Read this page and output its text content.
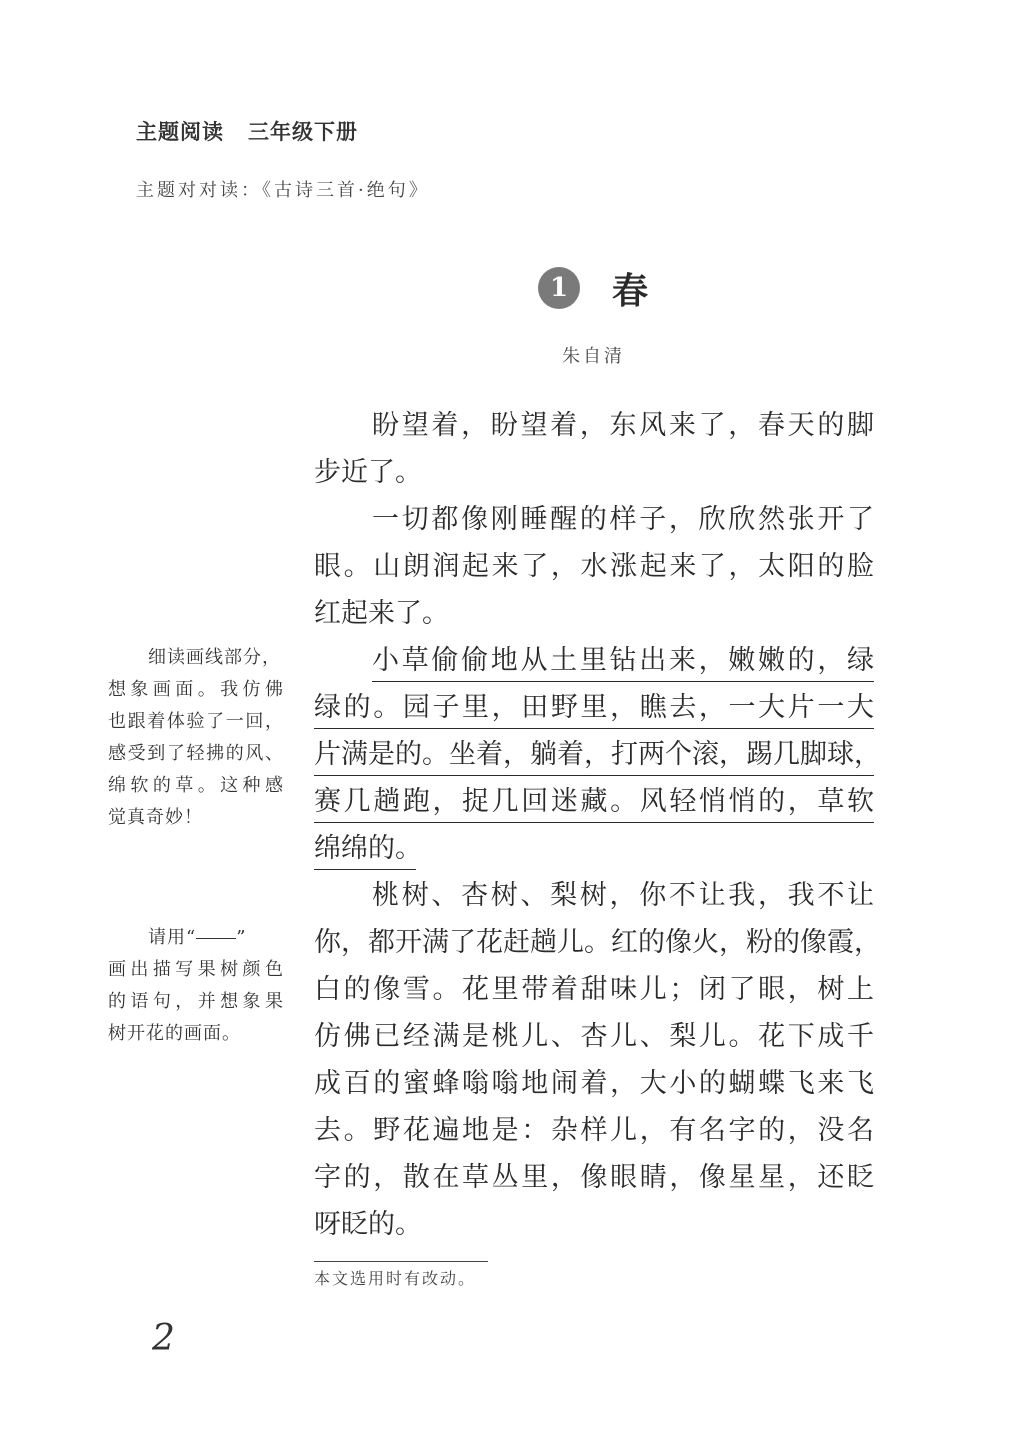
主题阅读 三年级下册
主题对对读：《古诗三首·绝句》
1	春
朱自清
盼 望 着 ， 盼 望 着 ， 东 风 来 了 ， 春 天 的 脚
步近了。
一 切 都 像 刚 睡 醒 的 样 子 ， 欣 欣 然 张 开 了
眼 。 山 朗 润 起 来 了 ， 水 涨 起 来 了 ， 太 阳 的 脸
红起来了。
小 草 偷 偷 地 从 土 里 钻 出 来 ， 嫩 嫩 的 ， 绿
绿 的 。 园 子 里 ， 田 野 里 ， 瞧 去 ， 一 大 片 一 大
片 满 是 的 。 坐 着 ， 躺 着 ， 打 两 个 滚 ， 踢 几 脚 球 ，
赛 几 趟 跑 ， 捉 几 回 迷 藏 。 风 轻 悄 悄 的 ， 草 软
绵绵的。
桃 树 、 杏 树 、 梨 树 ， 你 不 让 我 ， 我 不 让
你 ， 都 开 满 了 花 赶 趟 儿 。 红 的 像 火 ， 粉 的 像 霞 ，
白 的 像 雪 。 花 里 带 着 甜 味 儿 ； 闭 了 眼 ， 树 上
仿 佛 已 经 满 是 桃 儿 、 杏 儿 、 梨 儿 。 花 下 成 千
成 百 的 蜜 蜂 嗡 嗡 地 闹 着 ， 大 小 的 蝴 蝶 飞 来 飞
去 。 野 花 遍 地 是 ： 杂 样 儿 ， 有 名 字 的 ， 没 名
字 的 ， 散 在 草 丛 里 ， 像 眼 睛 ， 像 星 星 ， 还 眨
呀眨的。
细读画线部分，
想 象 画 面 。 我 仿 佛
也 跟 着 体 验 了 一 回 ，
感 受 到 了 轻 拂 的 风 、
绵 软 的 草 。 这 种 感
觉真奇妙！
请用“ ”
画 出 描 写 果 树 颜 色
的 语 句 ， 并 想 象 果
树开花的画面。
本文选用时有改动。
2
